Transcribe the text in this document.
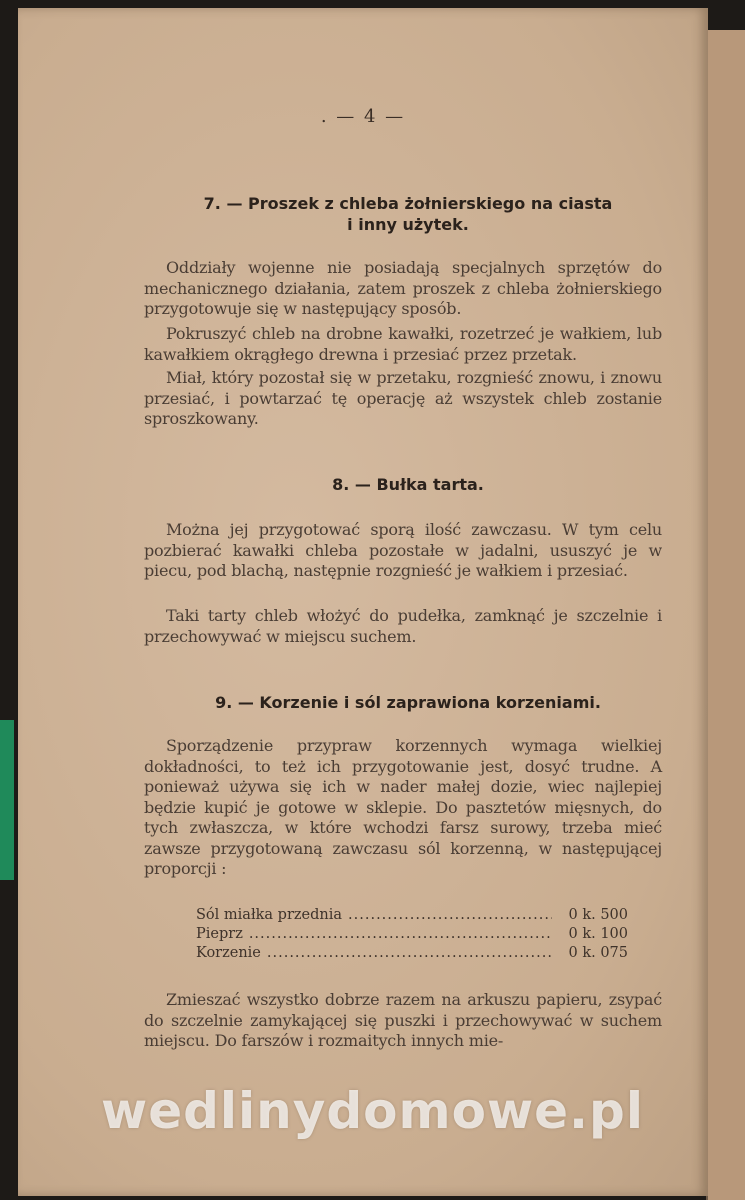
. — 4 —
7. — Proszek z chleba żołnierskiego na ciasta
i inny użytek.
Oddziały wojenne nie posiadają specjalnych sprzętów do mechanicznego działania, zatem proszek z chleba żołnierskiego przygotowuje się w następujący sposób.
Pokruszyć chleb na drobne kawałki, rozetrzeć je wałkiem, lub kawałkiem okrągłego drewna i przesiać przez przetak.
Miał, który pozostał się w przetaku, rozgnieść znowu, i znowu przesiać, i powtarzać tę operację aż wszystek chleb zostanie sproszkowany.
8. — Bułka tarta.
Można jej przygotować sporą ilość zawczasu. W tym celu pozbierać kawałki chleba pozostałe w jadalni, ususzyć je w piecu, pod blachą, następnie rozgnieść je wałkiem i przesiać.
Taki tarty chleb włożyć do pudełka, zamknąć je szczelnie i przechowywać w miejscu suchem.
9. — Korzenie i sól zaprawiona korzeniami.
Sporządzenie przypraw korzennych wymaga wielkiej dokładności, to też ich przygotowanie jest, dosyć trudne. A ponieważ używa się ich w nader małej dozie, wiec najlepiej będzie kupić je gotowe w sklepie. Do pasztetów mięsnych, do tych zwłaszcza, w które wchodzi farsz surowy, trzeba mieć zawsze przygotowaną zawczasu sól korzenną, w następującej proporcji :
Sól miałka przednia .....	0 k. 500
Pieprz .....	0 k. 100
Korzenie .....	0 k. 075
Zmieszać wszystko dobrze razem na arkuszu papieru, zsypać do szczelnie zamykającej się puszki i przechowywać w suchem miejscu. Do farszów i rozmaitych innych mie-
wedlinydomowe.pl
